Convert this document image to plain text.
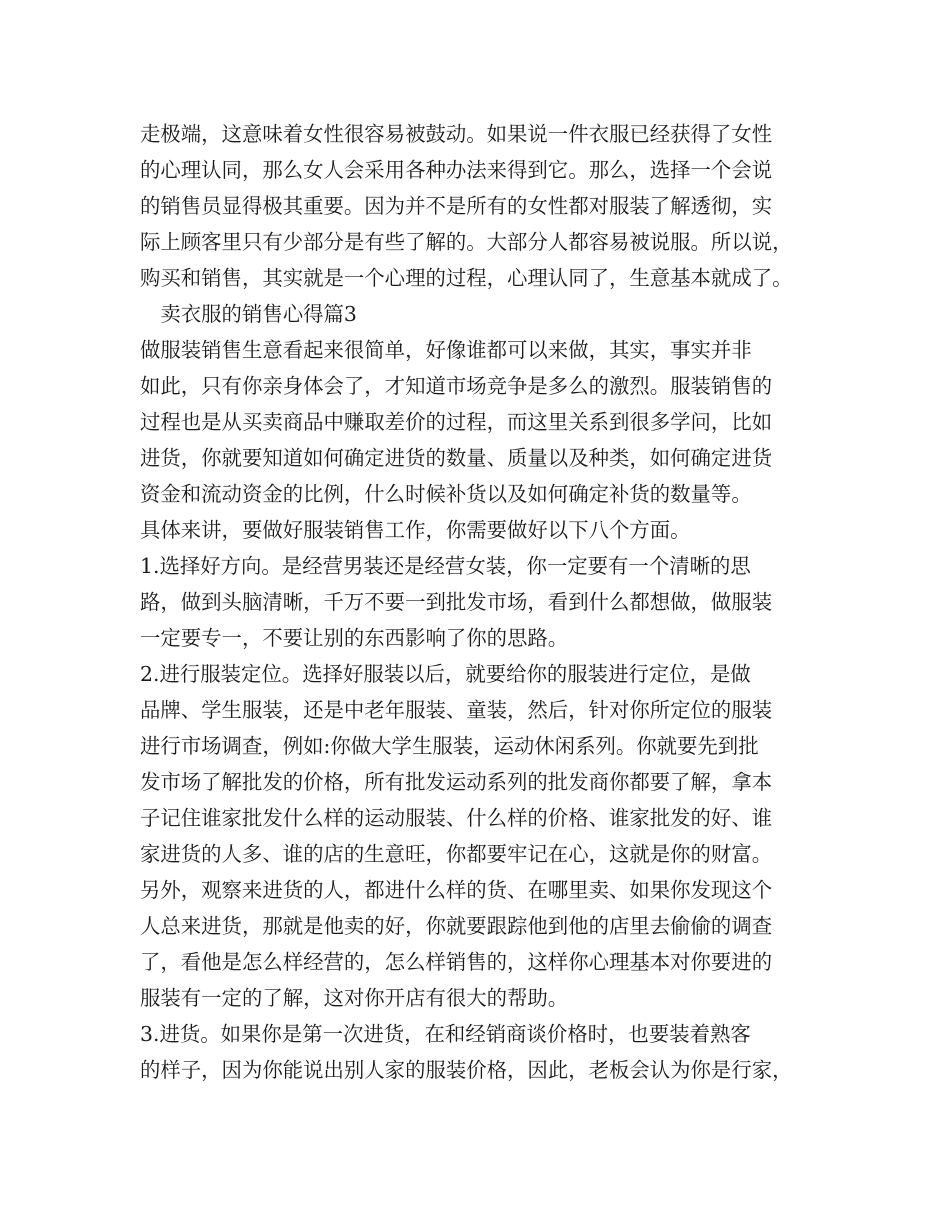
走极端，这意味着女性很容易被鼓动。如果说一件衣服已经获得了女性
的心理认同，那么女人会采用各种办法来得到它。那么，选择一个会说
的销售员显得极其重要。因为并不是所有的女性都对服装了解透彻，实
际上顾客里只有少部分是有些了解的。大部分人都容易被说服。所以说，
购买和销售，其实就是一个心理的过程，心理认同了，生意基本就成了。
　卖衣服的销售心得篇3
做服装销售生意看起来很简单，好像谁都可以来做，其实，事实并非
如此，只有你亲身体会了，才知道市场竞争是多么的激烈。服装销售的
过程也是从买卖商品中赚取差价的过程，而这里关系到很多学问，比如
进货，你就要知道如何确定进货的数量、质量以及种类，如何确定进货
资金和流动资金的比例，什么时候补货以及如何确定补货的数量等。
具体来讲，要做好服装销售工作，你需要做好以下八个方面。
1.选择好方向。是经营男装还是经营女装，你一定要有一个清晰的思
路，做到头脑清晰，千万不要一到批发市场，看到什么都想做，做服装
一定要专一，不要让别的东西影响了你的思路。
2.进行服装定位。选择好服装以后，就要给你的服装进行定位，是做
品牌、学生服装，还是中老年服装、童装，然后，针对你所定位的服装
进行市场调查，例如:你做大学生服装，运动休闲系列。你就要先到批
发市场了解批发的价格，所有批发运动系列的批发商你都要了解，拿本
子记住谁家批发什么样的运动服装、什么样的价格、谁家批发的好、谁
家进货的人多、谁的店的生意旺，你都要牢记在心，这就是你的财富。
另外，观察来进货的人，都进什么样的货、在哪里卖、如果你发现这个
人总来进货，那就是他卖的好，你就要跟踪他到他的店里去偷偷的调查
了，看他是怎么样经营的，怎么样销售的，这样你心理基本对你要进的
服装有一定的了解，这对你开店有很大的帮助。
3.进货。如果你是第一次进货，在和经销商谈价格时，也要装着熟客
的样子，因为你能说出别人家的服装价格，因此，老板会认为你是行家，
